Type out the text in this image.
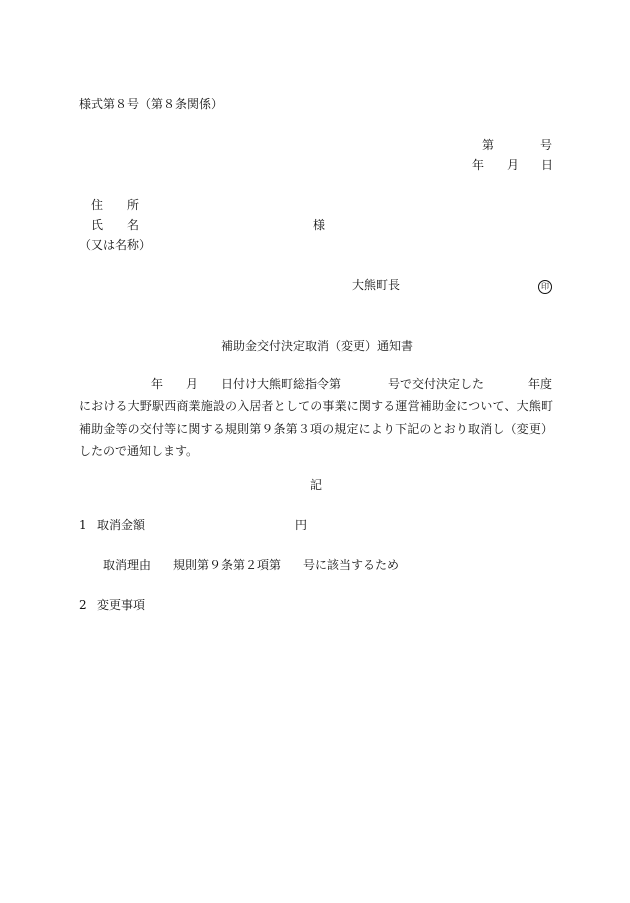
様式第８号（第８条関係）
第	号
年 月 日
住　　所
氏　　名	様
（又は名称）
大熊町長	印
補助金交付決定取消（変更）通知書
年 月 日付け大熊町総指令第	号で交付決定した	年度
における大野駅西商業施設の入居者としての事業に関する運営補助金について、大熊町補助金等の交付等に関する規則第９条第３項の規定により下記のとおり取消し（変更）したので通知します。
記
1 取消金額	円
取消理由 規則第９条第２項第 号に該当するため
2 変更事項
